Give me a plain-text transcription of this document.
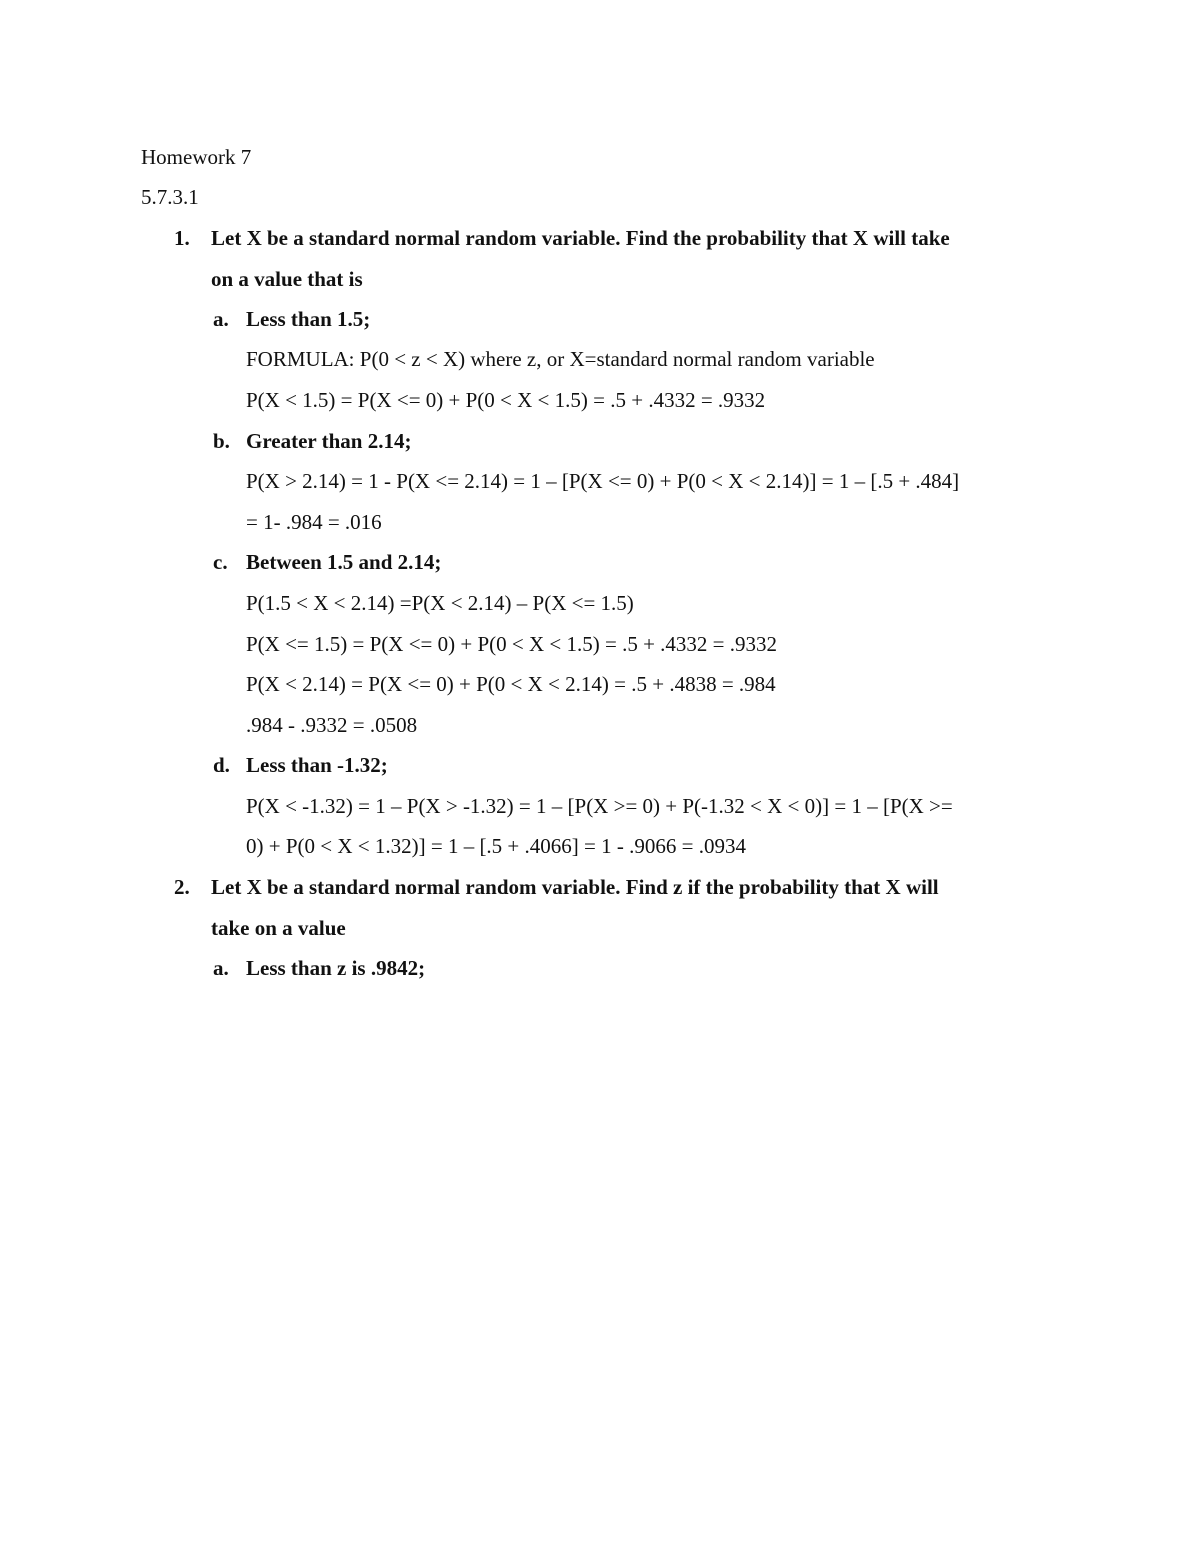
Homework 7
5.7.3.1
1. Let X be a standard normal random variable. Find the probability that X will take
on a value that is
a. Less than 1.5;
FORMULA: P(0 < z < X) where z, or X=standard normal random variable
P(X < 1.5) = P(X <= 0) + P(0 < X < 1.5) = .5 + .4332 = .9332
b. Greater than 2.14;
P(X > 2.14) = 1 - P(X <= 2.14) = 1 – [P(X <= 0) + P(0 < X < 2.14)] = 1 – [.5 + .484]
= 1- .984 = .016
c. Between 1.5 and 2.14;
P(1.5 < X < 2.14) =P(X < 2.14) – P(X <= 1.5)
P(X <= 1.5) = P(X <= 0) + P(0 < X < 1.5) = .5 + .4332 = .9332
P(X < 2.14) = P(X <= 0) + P(0 < X < 2.14) = .5 + .4838 = .984
.984 - .9332 = .0508
d. Less than -1.32;
P(X < -1.32) = 1 – P(X > -1.32) = 1 – [P(X >= 0) + P(-1.32 < X < 0)] = 1 – [P(X >=
0) + P(0 < X < 1.32)] = 1 – [.5 + .4066] = 1 - .9066 = .0934
2. Let X be a standard normal random variable. Find z if the probability that X will
take on a value
a. Less than z is .9842;
